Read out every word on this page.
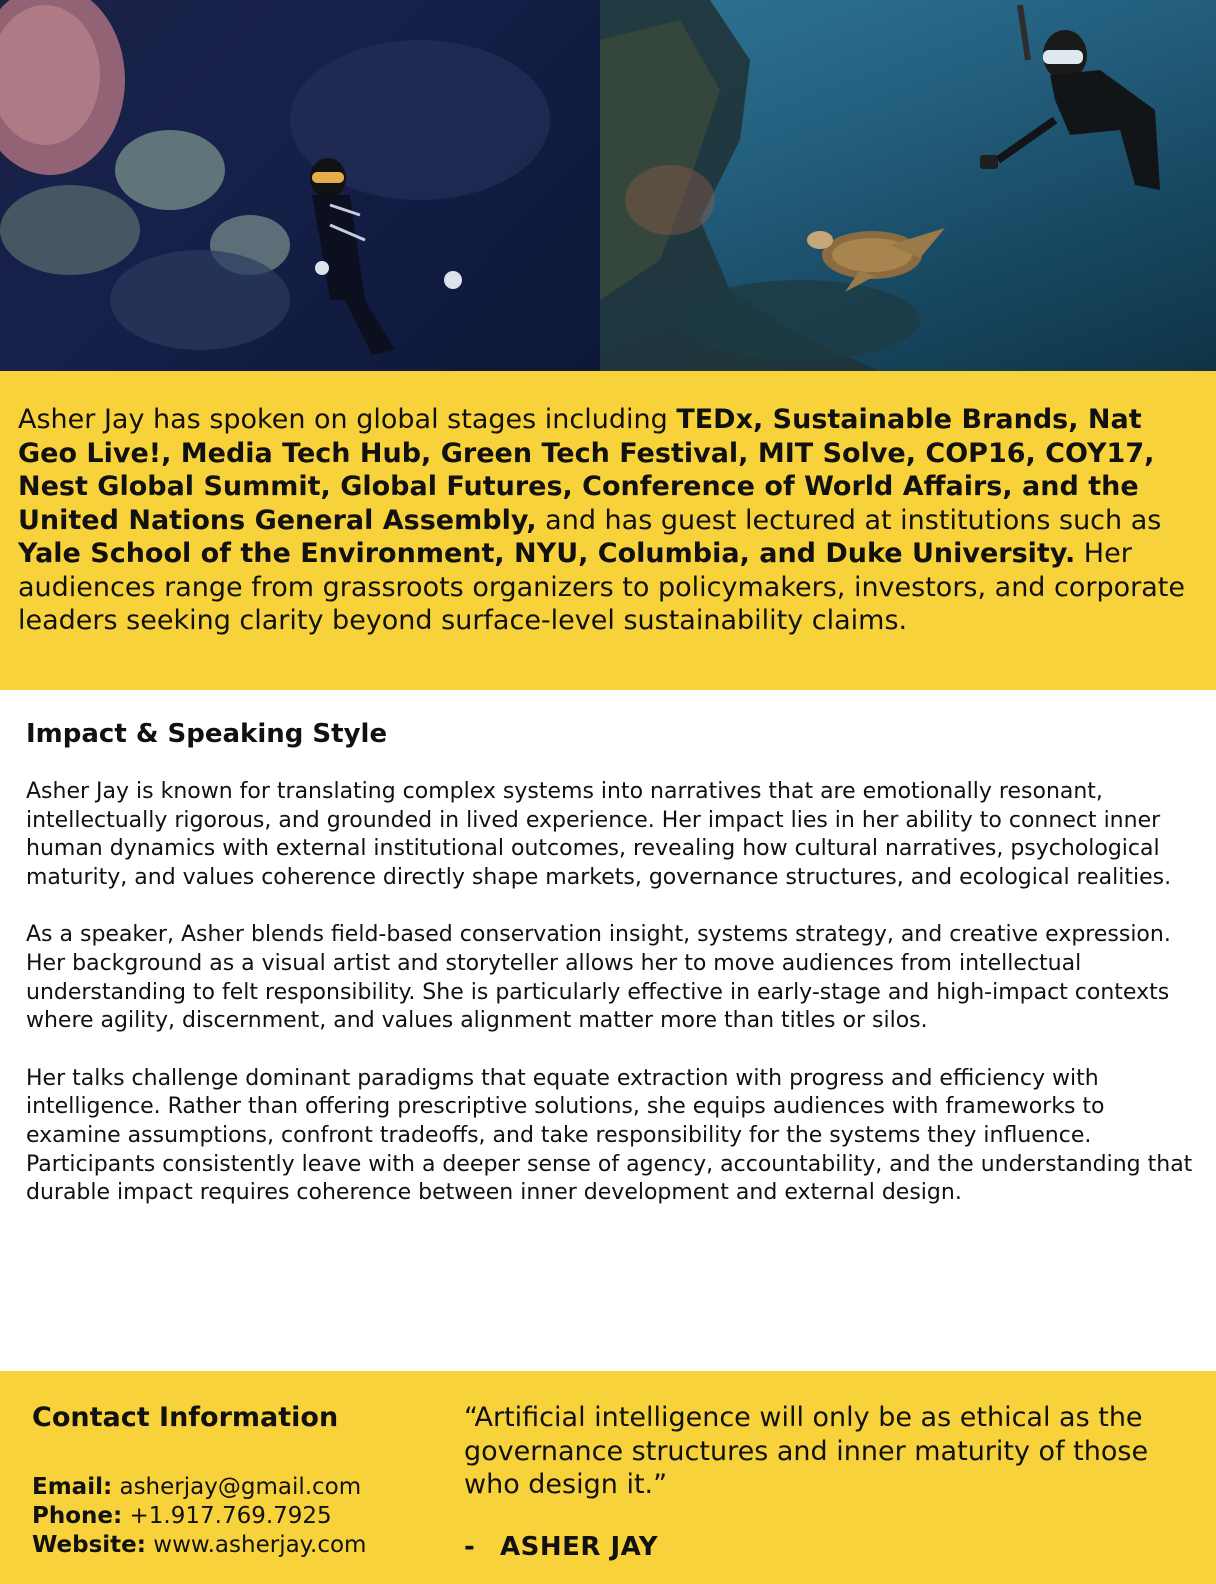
Asher Jay has spoken on global stages including TEDx, Sustainable Brands, Nat Geo Live!, Media Tech Hub, Green Tech Festival, MIT Solve, COP16, COY17, Nest Global Summit, Global Futures, Conference of World Affairs, and the United Nations General Assembly, and has guest lectured at institutions such as Yale School of the Environment, NYU, Columbia, and Duke University. Her audiences range from grassroots organizers to policymakers, investors, and corporate leaders seeking clarity beyond surface-level sustainability claims.

Impact & Speaking Style

Asher Jay is known for translating complex systems into narratives that are emotionally resonant, intellectually rigorous, and grounded in lived experience. Her impact lies in her ability to connect inner human dynamics with external institutional outcomes, revealing how cultural narratives, psychological maturity, and values coherence directly shape markets, governance structures, and ecological realities.

As a speaker, Asher blends field-based conservation insight, systems strategy, and creative expression. Her background as a visual artist and storyteller allows her to move audiences from intellectual understanding to felt responsibility. She is particularly effective in early-stage and high-impact contexts where agility, discernment, and values alignment matter more than titles or silos.

Her talks challenge dominant paradigms that equate extraction with progress and efficiency with intelligence. Rather than offering prescriptive solutions, she equips audiences with frameworks to examine assumptions, confront tradeoffs, and take responsibility for the systems they influence. Participants consistently leave with a deeper sense of agency, accountability, and the understanding that durable impact requires coherence between inner development and external design.

Contact Information
Email: asherjay@gmail.com
Phone: +1.917.769.7925
Website: www.asherjay.com

“Artificial intelligence will only be as ethical as the governance structures and inner maturity of those who design it.”

- ASHER JAY
